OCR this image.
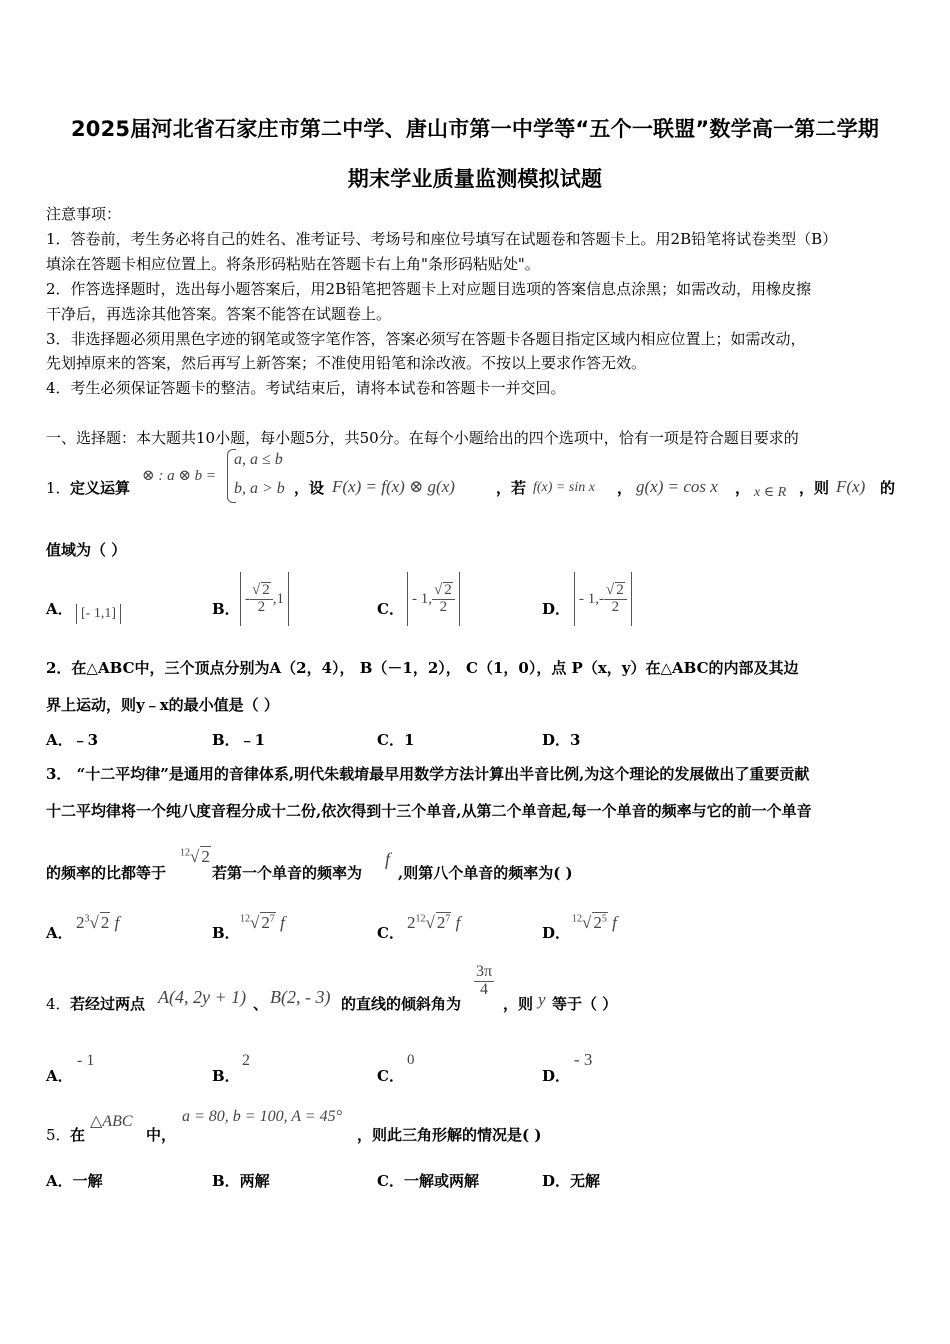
2025届河北省石家庄市第二中学、唐山市第一中学等“五个一联盟”数学高一第二学期
期末学业质量监测模拟试题
注意事项：
1．答卷前，考生务必将自己的姓名、准考证号、考场号和座位号填写在试题卷和答题卡上。用2B铅笔将试卷类型（B）
填涂在答题卡相应位置上。将条形码粘贴在答题卡右上角"条形码粘贴处"。
2．作答选择题时，选出每小题答案后，用2B铅笔把答题卡上对应题目选项的答案信息点涂黑；如需改动，用橡皮擦
干净后，再选涂其他答案。答案不能答在试题卷上。
3．非选择题必须用黑色字迹的钢笔或签字笔作答，答案必须写在答题卡各题目指定区域内相应位置上；如需改动，
先划掉原来的答案，然后再写上新答案；不准使用铅笔和涂改液。不按以上要求作答无效。
4．考生必须保证答题卡的整洁。考试结束后，请将本试卷和答题卡一并交回。
一、选择题：本大题共10小题，每小题5分，共50分。在每个小题给出的四个选项中，恰有一项是符合题目要求的
1． 定义运算
⊗ : a ⊗ b =
a, a ≤ b
b, a > b ，设 F(x) = f(x) ⊗ g(x)	，若 f(x) = sin x ， g(x) = cos x ， x ∈ R ，则 F(x) 的
值域为（ ）
A． [- 1,1]	B．
- $\frac{√ 2}{2} ,1$
C．
- 1, $\frac{√ 2}{2}$	D．
- $1,- \frac{√ 2}{2}$
2．在△ABC中，三个顶点分别为A（2，4）， B（－1，2）， C（1，0），点 P（x，y）在△ABC的内部及其边
界上运动，则y﹣x的最小值是（ ）
A．﹣3	B．﹣1	C．1	D．3
3． “十二平均律”是通用的音律体系,明代朱载堉最早用数学方法计算出半音比例,为这个理论的发展做出了重要贡献
十二平均律将一个纯八度音程分成十二份,依次得到十三个单音,从第二个单音起,每一个单音的频率与它的前一个单音
的频率的比都等于
$^{12}$√ 2
若第一个单音的频率为
f
,则第八个单音的频率为( )
A．
$2^3√$ 2 f
B．
$^{12}$√ $2^7$ f
C．
$2^{12}√$ $2^7$ f
D．
$^{12}$√ $2^5$ f
4． 若经过两点 A(4, 2y + 1) 、 B(2, - 3) 的直线的倾斜角为
$\frac{3\pi}{4}$
，则 y 等于（ ）
A．
- 1
B．
2
C．
0
D．
- 3
5． 在
△ABC
中，
a = 80, b = 100, A = 45°
，则此三角形解的情况是( )
A．一解	B．两解	C．一解或两解	D．无解
